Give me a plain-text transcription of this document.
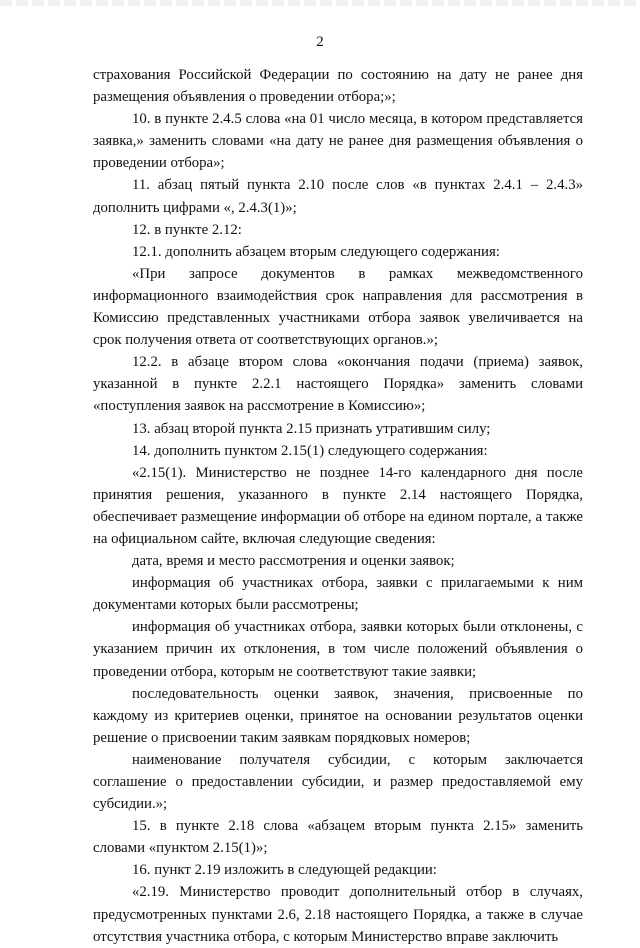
2

страхования Российской Федерации по состоянию на дату не ранее дня размещения объявления о проведении отбора;»;

10. в пункте 2.4.5 слова «на 01 число месяца, в котором представляется заявка,» заменить словами «на дату не ранее дня размещения объявления о проведении отбора»;

11. абзац пятый пункта 2.10 после слов «в пунктах 2.4.1 – 2.4.3» дополнить цифрами «, 2.4.3(1)»;

12. в пункте 2.12:

12.1. дополнить абзацем вторым следующего содержания:

«При запросе документов в рамках межведомственного информационного взаимодействия срок направления для рассмотрения в Комиссию представленных участниками отбора заявок увеличивается на срок получения ответа от соответствующих органов.»;

12.2. в абзаце втором слова «окончания подачи (приема) заявок, указанной в пункте 2.2.1 настоящего Порядка» заменить словами «поступления заявок на рассмотрение в Комиссию»;

13. абзац второй пункта 2.15 признать утратившим силу;

14. дополнить пунктом 2.15(1) следующего содержания:

«2.15(1). Министерство не позднее 14-го календарного дня после принятия решения, указанного в пункте 2.14 настоящего Порядка, обеспечивает размещение информации об отборе на едином портале, а также на официальном сайте, включая следующие сведения:

дата, время и место рассмотрения и оценки заявок;

информация об участниках отбора, заявки с прилагаемыми к ним документами которых были рассмотрены;

информация об участниках отбора, заявки которых были отклонены, с указанием причин их отклонения, в том числе положений объявления о проведении отбора, которым не соответствуют такие заявки;

последовательность оценки заявок, значения, присвоенные по каждому из критериев оценки, принятое на основании результатов оценки решение о присвоении таким заявкам порядковых номеров;

наименование получателя субсидии, с которым заключается соглашение о предоставлении субсидии, и размер предоставляемой ему субсидии.»;

15. в пункте 2.18 слова «абзацем вторым пункта 2.15» заменить словами «пунктом 2.15(1)»;

16. пункт 2.19 изложить в следующей редакции:

«2.19. Министерство проводит дополнительный отбор в случаях, предусмотренных пунктами 2.6, 2.18 настоящего Порядка, а также в случае отсутствия участника отбора, с которым Министерство вправе заключить
